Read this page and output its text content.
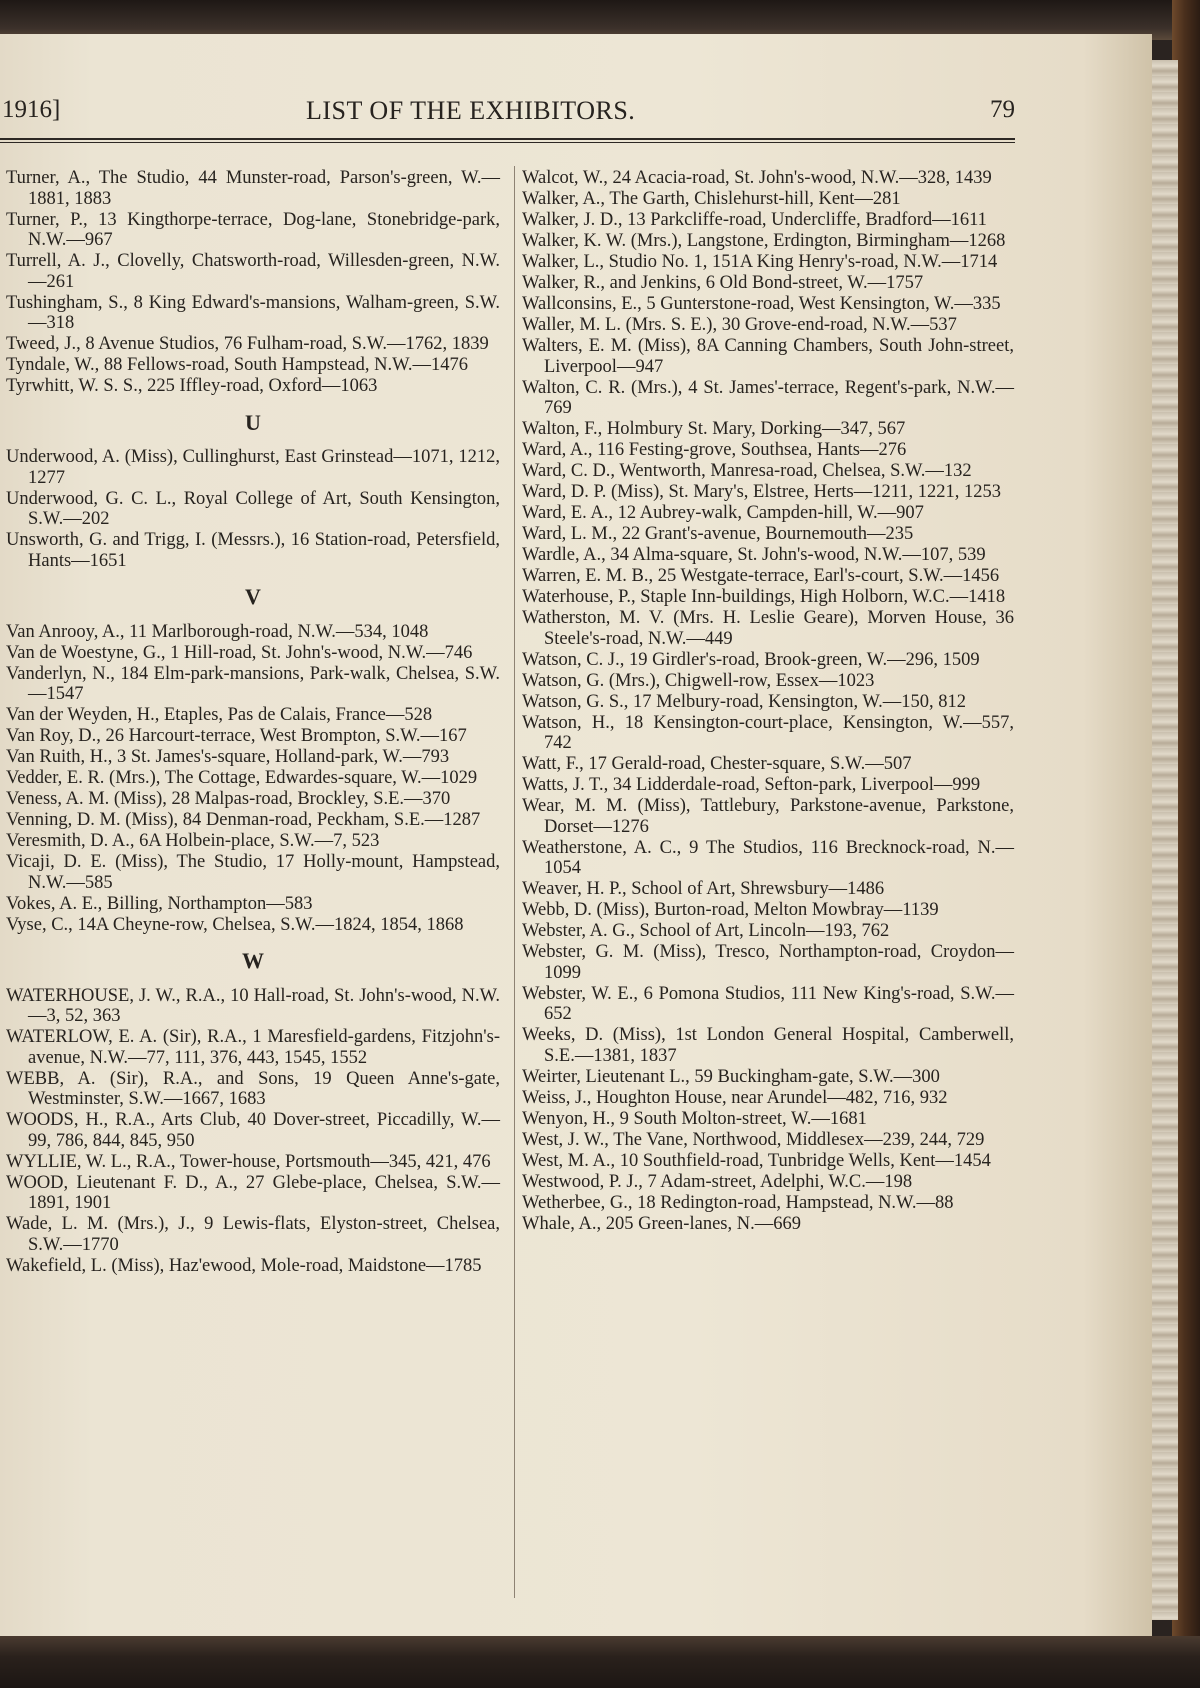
1916]	LIST OF THE EXHIBITORS.	79
Turner, A., The Studio, 44 Munster-road, Parson's-green, W.—1881, 1883
Turner, P., 13 Kingthorpe-terrace, Dog-lane, Stonebridge-park, N.W.—967
Turrell, A. J., Clovelly, Chatsworth-road, Willesden-green, N.W.—261
Tushingham, S., 8 King Edward's-mansions, Walham-green, S.W.—318
Tweed, J., 8 Avenue Studios, 76 Fulham-road, S.W.—1762, 1839
Tyndale, W., 88 Fellows-road, South Hampstead, N.W.—1476
Tyrwhitt, W. S. S., 225 Iffley-road, Oxford—1063
U
Underwood, A. (Miss), Cullinghurst, East Grinstead—1071, 1212, 1277
Underwood, G. C. L., Royal College of Art, South Kensington, S.W.—202
Unsworth, G. and Trigg, I. (Messrs.), 16 Station-road, Petersfield, Hants—1651
V
Van Anrooy, A., 11 Marlborough-road, N.W.—534, 1048
Van de Woestyne, G., 1 Hill-road, St. John's-wood, N.W.—746
Vanderlyn, N., 184 Elm-park-mansions, Park-walk, Chelsea, S.W.—1547
Van der Weyden, H., Etaples, Pas de Calais, France—528
Van Roy, D., 26 Harcourt-terrace, West Brompton, S.W.—167
Van Ruith, H., 3 St. James's-square, Holland-park, W.—793
Vedder, E. R. (Mrs.), The Cottage, Edwardes-square, W.—1029
Veness, A. M. (Miss), 28 Malpas-road, Brockley, S.E.—370
Venning, D. M. (Miss), 84 Denman-road, Peckham, S.E.—1287
Veresmith, D. A., 6A Holbein-place, S.W.—7, 523
Vicaji, D. E. (Miss), The Studio, 17 Holly-mount, Hampstead, N.W.—585
Vokes, A. E., Billing, Northampton—583
Vyse, C., 14A Cheyne-row, Chelsea, S.W.—1824, 1854, 1868
W
WATERHOUSE, J. W., R.A., 10 Hall-road, St. John's-wood, N.W.—3, 52, 363
WATERLOW, E. A. (Sir), R.A., 1 Maresfield-gardens, Fitzjohn's-avenue, N.W.—77, 111, 376, 443, 1545, 1552
WEBB, A. (Sir), R.A., and Sons, 19 Queen Anne's-gate, Westminster, S.W.—1667, 1683
WOODS, H., R.A., Arts Club, 40 Dover-street, Piccadilly, W.—99, 786, 844, 845, 950
WYLLIE, W. L., R.A., Tower-house, Portsmouth—345, 421, 476
WOOD, Lieutenant F. D., A., 27 Glebe-place, Chelsea, S.W.—1891, 1901
Wade, L. M. (Mrs.), J., 9 Lewis-flats, Elyston-street, Chelsea, S.W.—1770
Wakefield, L. (Miss), Haz'ewood, Mole-road, Maidstone—1785
Walcot, W., 24 Acacia-road, St. John's-wood, N.W.—328, 1439
Walker, A., The Garth, Chislehurst-hill, Kent—281
Walker, J. D., 13 Parkcliffe-road, Undercliffe, Bradford—1611
Walker, K. W. (Mrs.), Langstone, Erdington, Birmingham—1268
Walker, L., Studio No. 1, 151A King Henry's-road, N.W.—1714
Walker, R., and Jenkins, 6 Old Bond-street, W.—1757
Wallconsins, E., 5 Gunterstone-road, West Kensington, W.—335
Waller, M. L. (Mrs. S. E.), 30 Grove-end-road, N.W.—537
Walters, E. M. (Miss), 8A Canning Chambers, South John-street, Liverpool—947
Walton, C. R. (Mrs.), 4 St. James'-terrace, Regent's-park, N.W.—769
Walton, F., Holmbury St. Mary, Dorking—347, 567
Ward, A., 116 Festing-grove, Southsea, Hants—276
Ward, C. D., Wentworth, Manresa-road, Chelsea, S.W.—132
Ward, D. P. (Miss), St. Mary's, Elstree, Herts—1211, 1221, 1253
Ward, E. A., 12 Aubrey-walk, Campden-hill, W.—907
Ward, L. M., 22 Grant's-avenue, Bournemouth—235
Wardle, A., 34 Alma-square, St. John's-wood, N.W.—107, 539
Warren, E. M. B., 25 Westgate-terrace, Earl's-court, S.W.—1456
Waterhouse, P., Staple Inn-buildings, High Holborn, W.C.—1418
Watherston, M. V. (Mrs. H. Leslie Geare), Morven House, 36 Steele's-road, N.W.—449
Watson, C. J., 19 Girdler's-road, Brook-green, W.—296, 1509
Watson, G. (Mrs.), Chigwell-row, Essex—1023
Watson, G. S., 17 Melbury-road, Kensington, W.—150, 812
Watson, H., 18 Kensington-court-place, Kensington, W.—557, 742
Watt, F., 17 Gerald-road, Chester-square, S.W.—507
Watts, J. T., 34 Lidderdale-road, Sefton-park, Liverpool—999
Wear, M. M. (Miss), Tattlebury, Parkstone-avenue, Parkstone, Dorset—1276
Weatherstone, A. C., 9 The Studios, 116 Brecknock-road, N.—1054
Weaver, H. P., School of Art, Shrewsbury—1486
Webb, D. (Miss), Burton-road, Melton Mowbray—1139
Webster, A. G., School of Art, Lincoln—193, 762
Webster, G. M. (Miss), Tresco, Northampton-road, Croydon—1099
Webster, W. E., 6 Pomona Studios, 111 New King's-road, S.W.—652
Weeks, D. (Miss), 1st London General Hospital, Camberwell, S.E.—1381, 1837
Weirter, Lieutenant L., 59 Buckingham-gate, S.W.—300
Weiss, J., Houghton House, near Arundel—482, 716, 932
Wenyon, H., 9 South Molton-street, W.—1681
West, J. W., The Vane, Northwood, Middlesex—239, 244, 729
West, M. A., 10 Southfield-road, Tunbridge Wells, Kent—1454
Westwood, P. J., 7 Adam-street, Adelphi, W.C.—198
Wetherbee, G., 18 Redington-road, Hampstead, N.W.—88
Whale, A., 205 Green-lanes, N.—669
